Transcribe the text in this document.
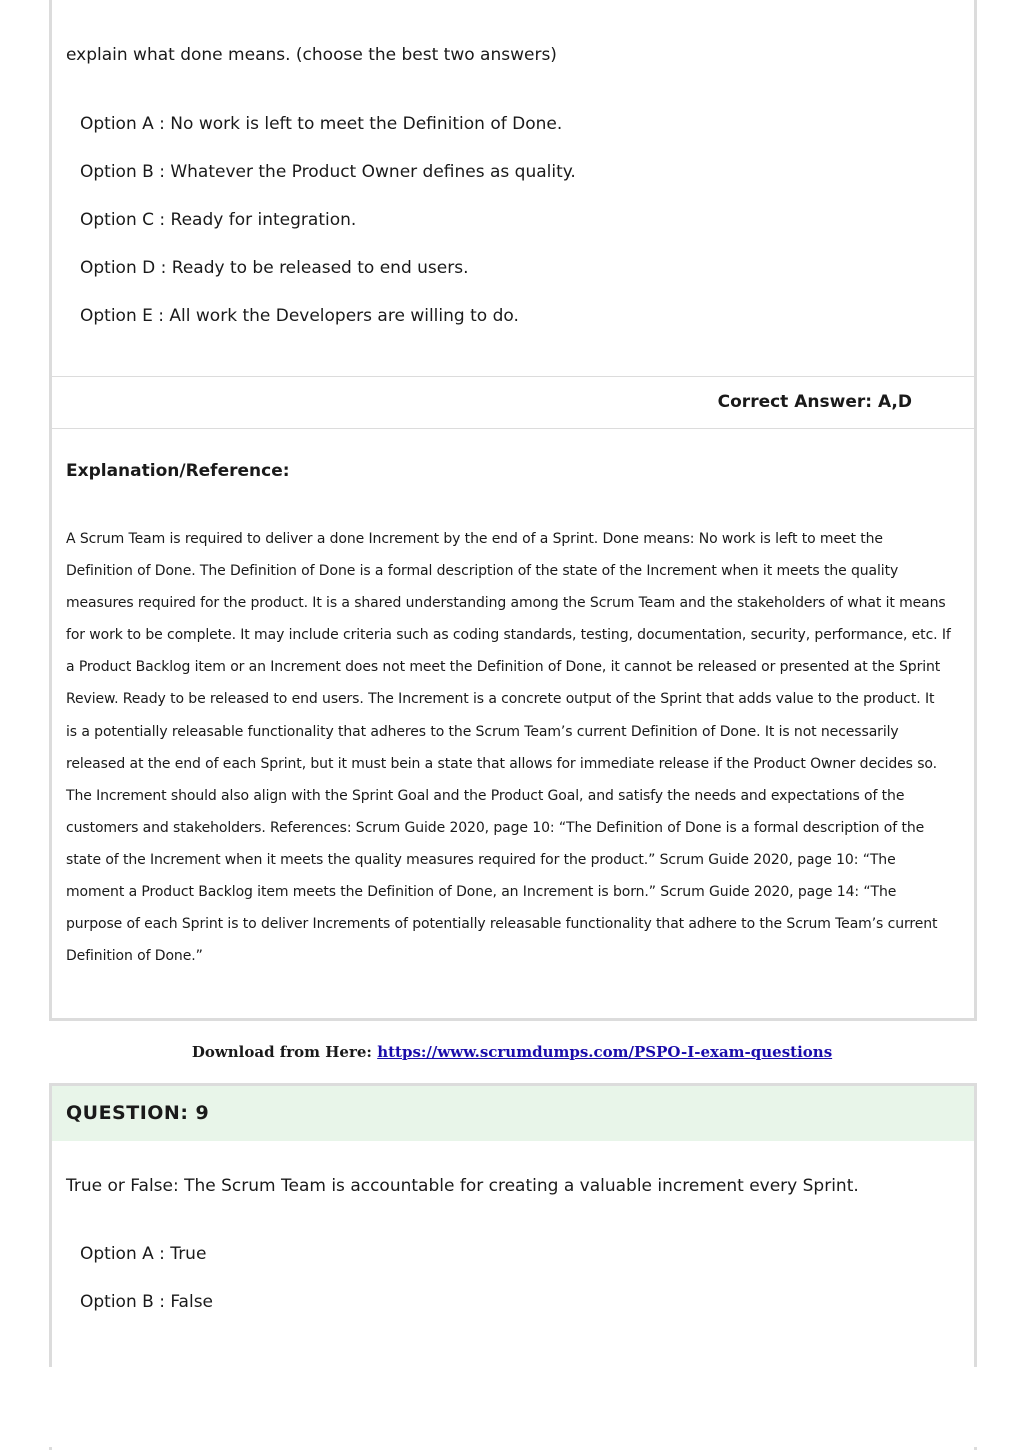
explain what done means. (choose the best two answers)
Option A : No work is left to meet the Definition of Done.
Option B : Whatever the Product Owner defines as quality.
Option C : Ready for integration.
Option D : Ready to be released to end users.
Option E : All work the Developers are willing to do.
Correct Answer: A,D
Explanation/Reference:
A Scrum Team is required to deliver a done Increment by the end of a Sprint. Done means: No work is left to meet the
Definition of Done. The Definition of Done is a formal description of the state of the Increment when it meets the quality
measures required for the product. It is a shared understanding among the Scrum Team and the stakeholders of what it means
for work to be complete. It may include criteria such as coding standards, testing, documentation, security, performance, etc. If
a Product Backlog item or an Increment does not meet the Definition of Done, it cannot be released or presented at the Sprint
Review. Ready to be released to end users. The Increment is a concrete output of the Sprint that adds value to the product. It
is a potentially releasable functionality that adheres to the Scrum Team’s current Definition of Done. It is not necessarily
released at the end of each Sprint, but it must bein a state that allows for immediate release if the Product Owner decides so.
The Increment should also align with the Sprint Goal and the Product Goal, and satisfy the needs and expectations of the
customers and stakeholders. References: Scrum Guide 2020, page 10: “The Definition of Done is a formal description of the
state of the Increment when it meets the quality measures required for the product.” Scrum Guide 2020, page 10: “The
moment a Product Backlog item meets the Definition of Done, an Increment is born.” Scrum Guide 2020, page 14: “The
purpose of each Sprint is to deliver Increments of potentially releasable functionality that adhere to the Scrum Team’s current
Definition of Done.”
Download from Here: https://www.scrumdumps.com/PSPO-I-exam-questions
QUESTION: 9
True or False: The Scrum Team is accountable for creating a valuable increment every Sprint.
Option A : True
Option B : False
